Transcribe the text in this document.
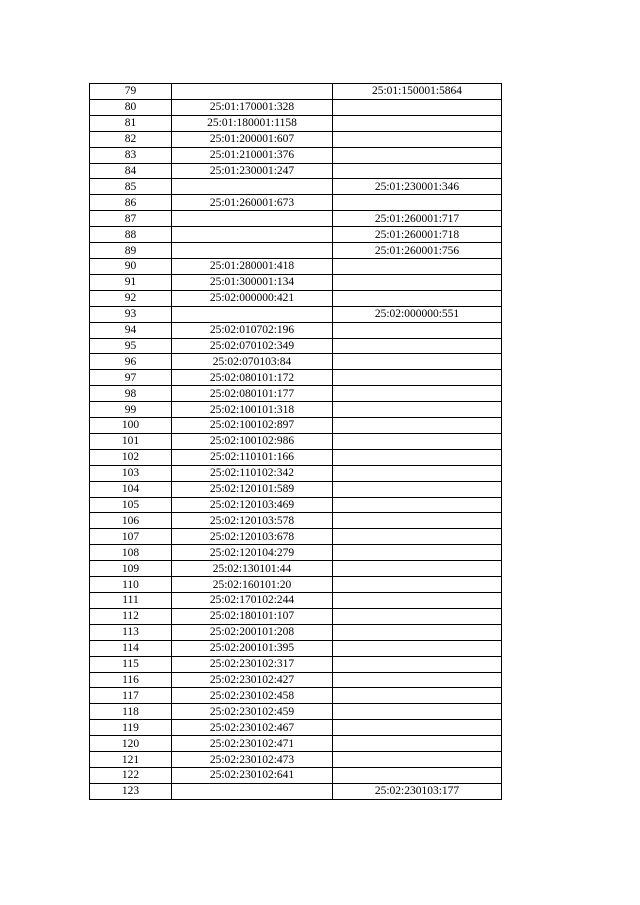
79		25:01:150001:5864
80	25:01:170001:328	
81	25:01:180001:1158	
82	25:01:200001:607	
83	25:01:210001:376	
84	25:01:230001:247	
85		25:01:230001:346
86	25:01:260001:673	
87		25:01:260001:717
88		25:01:260001:718
89		25:01:260001:756
90	25:01:280001:418	
91	25:01:300001:134	
92	25:02:000000:421	
93		25:02:000000:551
94	25:02:010702:196	
95	25:02:070102:349	
96	25:02:070103:84	
97	25:02:080101:172	
98	25:02:080101:177	
99	25:02:100101:318	
100	25:02:100102:897	
101	25:02:100102:986	
102	25:02:110101:166	
103	25:02:110102:342	
104	25:02:120101:589	
105	25:02:120103:469	
106	25:02:120103:578	
107	25:02:120103:678	
108	25:02:120104:279	
109	25:02:130101:44	
110	25:02:160101:20	
111	25:02:170102:244	
112	25:02:180101:107	
113	25:02:200101:208	
114	25:02:200101:395	
115	25:02:230102:317	
116	25:02:230102:427	
117	25:02:230102:458	
118	25:02:230102:459	
119	25:02:230102:467	
120	25:02:230102:471	
121	25:02:230102:473	
122	25:02:230102:641	
123		25:02:230103:177
